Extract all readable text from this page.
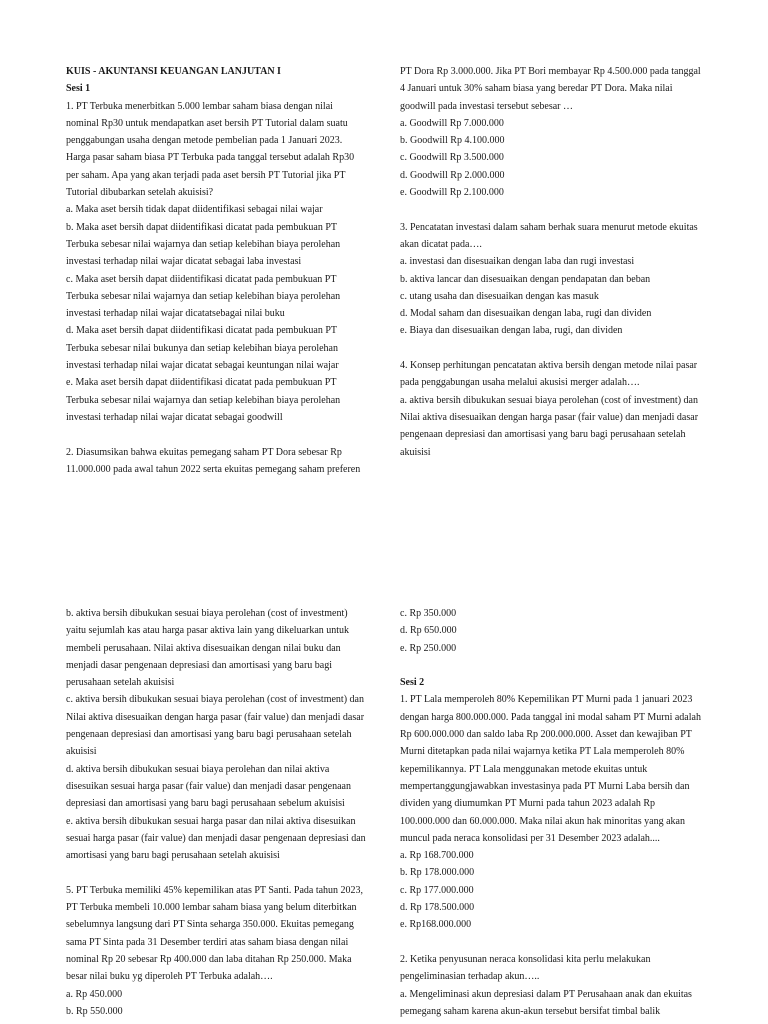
KUIS - AKUNTANSI KEUANGAN LANJUTAN I
Sesi 1
1. PT Terbuka menerbitkan 5.000 lembar saham biasa dengan nilai
nominal Rp30 untuk mendapatkan aset bersih PT Tutorial dalam suatu
penggabungan usaha dengan metode pembelian pada 1 Januari 2023.
Harga pasar saham biasa PT Terbuka pada tanggal tersebut adalah Rp30
per saham. Apa yang akan terjadi pada aset bersih PT Tutorial jika PT
Tutorial dibubarkan setelah akuisisi?
a. Maka aset bersih tidak dapat diidentifikasi sebagai nilai wajar
b. Maka aset bersih dapat diidentifikasi dicatat pada pembukuan PT
Terbuka sebesar nilai wajarnya dan setiap kelebihan biaya perolehan
investasi terhadap nilai wajar dicatat sebagai laba investasi
c. Maka aset bersih dapat diidentifikasi dicatat pada pembukuan PT
Terbuka sebesar nilai wajarnya dan setiap kelebihan biaya perolehan
investasi terhadap nilai wajar dicatatsebagai nilai buku
d. Maka aset bersih dapat diidentifikasi dicatat pada pembukuan PT
Terbuka sebesar nilai bukunya dan setiap kelebihan biaya perolehan
investasi terhadap nilai wajar dicatat sebagai keuntungan nilai wajar
e. Maka aset bersih dapat diidentifikasi dicatat pada pembukuan PT
Terbuka sebesar nilai wajarnya dan setiap kelebihan biaya perolehan
investasi terhadap nilai wajar dicatat sebagai goodwill
2. Diasumsikan bahwa ekuitas pemegang saham PT Dora sebesar Rp
11.000.000 pada awal tahun 2022 serta ekuitas pemegang saham preferen
PT Dora Rp 3.000.000. Jika PT Bori membayar Rp 4.500.000 pada tanggal
4 Januari untuk 30% saham biasa yang beredar PT Dora. Maka nilai
goodwill pada investasi tersebut sebesar …
a. Goodwill Rp 7.000.000
b. Goodwill Rp 4.100.000
c. Goodwill Rp 3.500.000
d. Goodwill Rp 2.000.000
e. Goodwill Rp 2.100.000
3. Pencatatan investasi dalam saham berhak suara menurut metode ekuitas
akan dicatat pada….
a. investasi dan disesuaikan dengan laba dan rugi investasi
b. aktiva lancar dan disesuaikan dengan pendapatan dan beban
c. utang usaha dan disesuaikan dengan kas masuk
d. Modal saham dan disesuaikan dengan laba, rugi dan dividen
e. Biaya dan disesuaikan dengan laba, rugi, dan dividen
4. Konsep perhitungan pencatatan aktiva bersih dengan metode nilai pasar
pada penggabungan usaha melalui akusisi merger adalah….
a. aktiva bersih dibukukan sesuai biaya perolehan (cost of investment) dan
Nilai aktiva disesuaikan dengan harga pasar (fair value) dan menjadi dasar
pengenaan depresiasi dan amortisasi yang baru bagi perusahaan setelah
akuisisi
b. aktiva bersih dibukukan sesuai biaya perolehan (cost of investment)
yaitu sejumlah kas atau harga pasar aktiva lain yang dikeluarkan untuk
membeli perusahaan. Nilai aktiva disesuaikan dengan nilai buku dan
menjadi dasar pengenaan depresiasi dan amortisasi yang baru bagi
perusahaan setelah akuisisi
c. aktiva bersih dibukukan sesuai biaya perolehan (cost of investment) dan
Nilai aktiva disesuaikan dengan harga pasar (fair value) dan menjadi dasar
pengenaan depresiasi dan amortisasi yang baru bagi perusahaan setelah
akuisisi
d. aktiva bersih dibukukan sesuai biaya perolehan dan nilai aktiva
disesuikan sesuai harga pasar (fair value) dan menjadi dasar pengenaan
depresiasi dan amortisasi yang baru bagi perusahaan sebelum akuisisi
e. aktiva bersih dibukukan sesuai harga pasar dan nilai aktiva disesuikan
sesuai harga pasar (fair value) dan menjadi dasar pengenaan depresiasi dan
amortisasi yang baru bagi perusahaan setelah akuisisi
5. PT Terbuka memiliki 45% kepemilikan atas PT Santi. Pada tahun 2023,
PT Terbuka membeli 10.000 lembar saham biasa yang belum diterbitkan
sebelumnya langsung dari PT Sinta seharga 350.000. Ekuitas pemegang
sama PT Sinta pada 31 Desember terdiri atas saham biasa dengan nilai
nominal Rp 20 sebesar Rp 400.000 dan laba ditahan Rp 250.000. Maka
besar nilai buku yg diperoleh PT Terbuka adalah….
a. Rp 450.000
b. Rp 550.000
c. Rp 350.000
d. Rp 650.000
e. Rp 250.000
Sesi 2
1. PT Lala memperoleh 80% Kepemilikan PT Murni pada 1 januari 2023
dengan harga 800.000.000. Pada tanggal ini modal saham PT Murni adalah
Rp 600.000.000 dan saldo laba Rp 200.000.000. Asset dan kewajiban PT
Murni ditetapkan pada nilai wajarnya ketika PT Lala memperoleh 80%
kepemilikannya. PT Lala menggunakan metode ekuitas untuk
mempertanggungjawabkan investasinya pada PT Murni Laba bersih dan
dividen yang diumumkan PT Murni pada tahun 2023 adalah Rp
100.000.000 dan 60.000.000. Maka nilai akun hak minoritas yang akan
muncul pada neraca konsolidasi per 31 Desember 2023 adalah....
a. Rp 168.700.000
b. Rp 178.000.000
c. Rp 177.000.000
d. Rp 178.500.000
e. Rp168.000.000
2. Ketika penyusunan neraca konsolidasi kita perlu melakukan
pengeliminasian terhadap akun…..
a. Mengeliminasi akun depresiasi dalam PT Perusahaan anak dan ekuitas
pemegang saham karena akun-akun tersebut bersifat timbal balik
